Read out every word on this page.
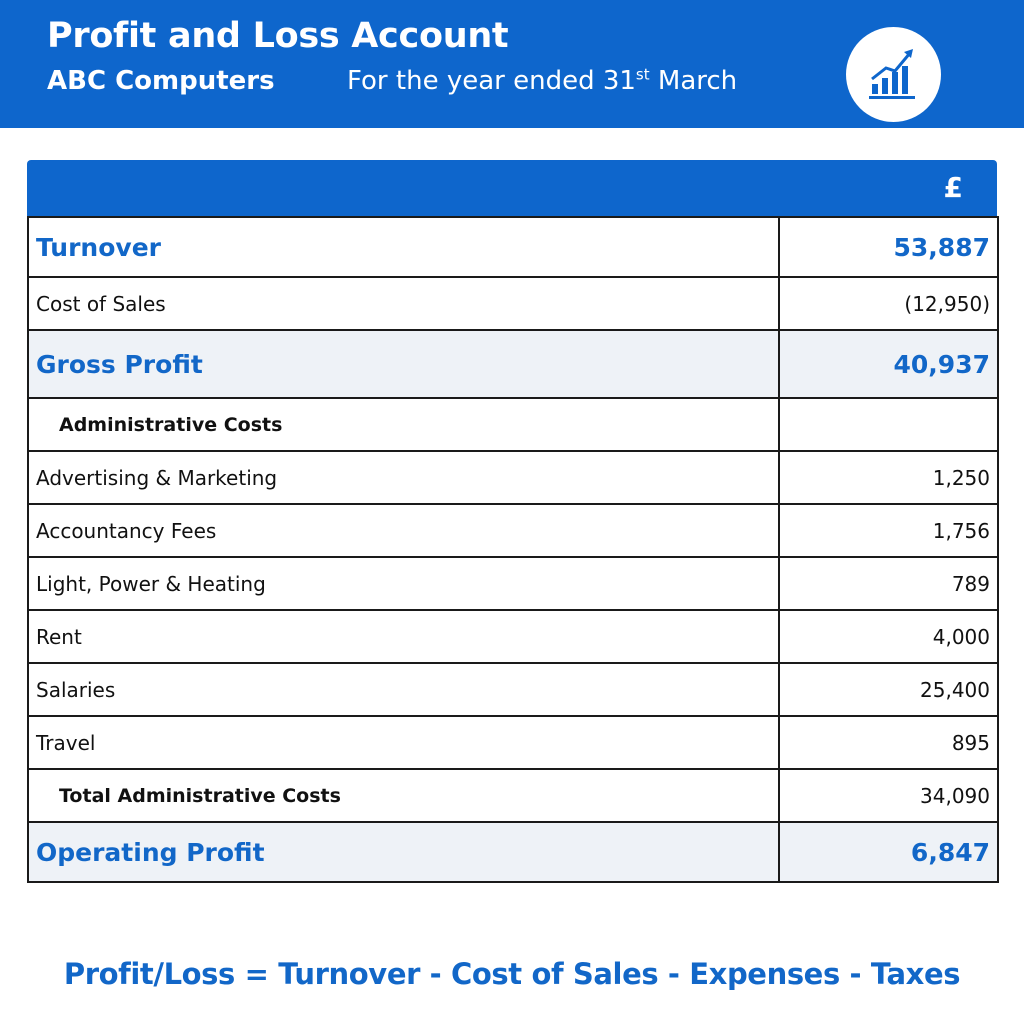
Profit and Loss Account
ABC Computers	For the year ended 31st March
£
Turnover	53,887
Cost of Sales	(12,950)
Gross Profit	40,937
Administrative Costs	
Advertising & Marketing	1,250
Accountancy Fees	1,756
Light, Power & Heating	789
Rent	4,000
Salaries	25,400
Travel	895
Total Administrative Costs	34,090
Operating Profit	6,847
Profit/Loss = Turnover - Cost of Sales - Expenses - Taxes
